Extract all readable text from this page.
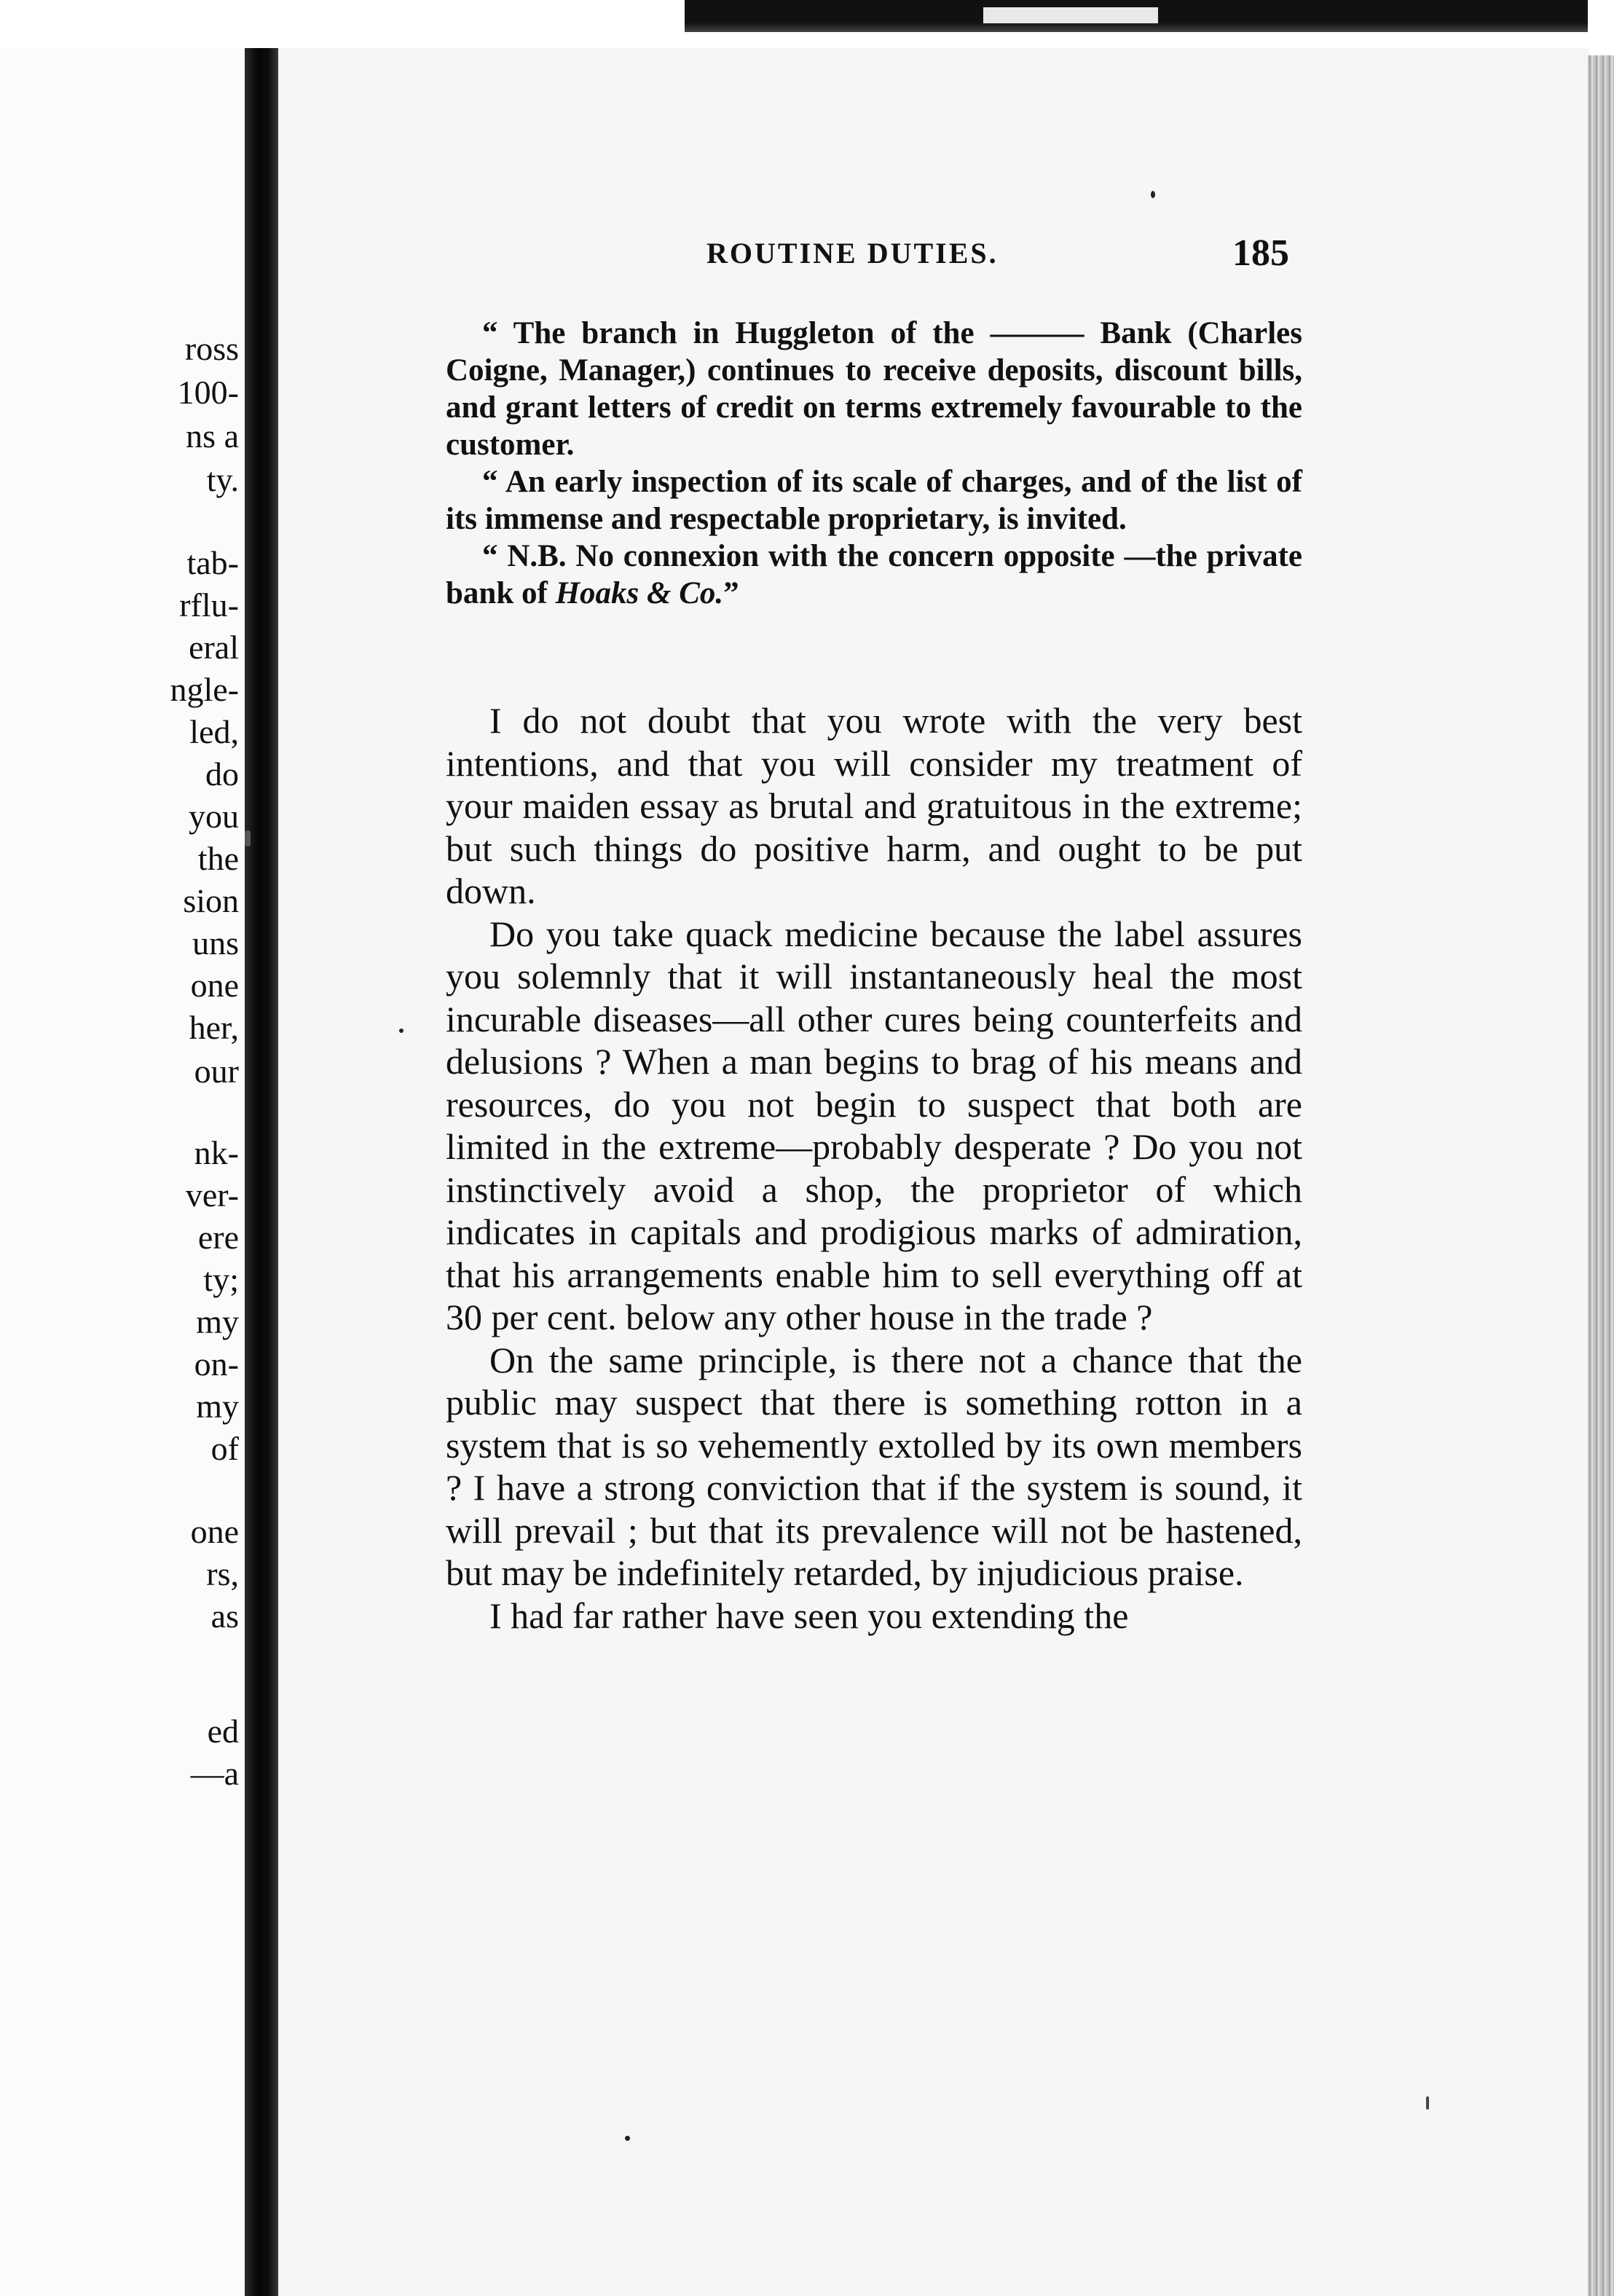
ross
100-
ns a
ty.
tab-
rflu-
eral
ngle-
led,
do
you
the
sion
uns
one
her,
our
nk-
ver-
ere
ty;
my
on-
my
of
one
rs,
as
ed
—a
ROUTINE DUTIES.	185

“ The branch in Huggleton of the ——— Bank (Charles Coigne, Manager,) continues to receive deposits, discount bills, and grant letters of credit on terms extremely favourable to the customer.

“ An early inspection of its scale of charges, and of the list of its immense and respectable proprietary, is invited.

“ N.B. No connexion with the concern opposite —the private bank of Hoaks & Co.”

I do not doubt that you wrote with the very best intentions, and that you will consider my treatment of your maiden essay as brutal and gratuitous in the extreme; but such things do positive harm, and ought to be put down.

Do you take quack medicine because the label assures you solemnly that it will instantaneously heal the most incurable diseases—all other cures being counterfeits and delusions ? When a man begins to brag of his means and resources, do you not begin to suspect that both are limited in the extreme—probably desperate ? Do you not instinctively avoid a shop, the proprietor of which indicates in capitals and prodigious marks of admiration, that his arrangements enable him to sell everything off at 30 per cent. below any other house in the trade ?

On the same principle, is there not a chance that the public may suspect that there is something rotton in a system that is so vehemently extolled by its own members ? I have a strong conviction that if the system is sound, it will prevail ; but that its prevalence will not be hastened, but may be indefinitely retarded, by injudicious praise.

I had far rather have seen you extending the
